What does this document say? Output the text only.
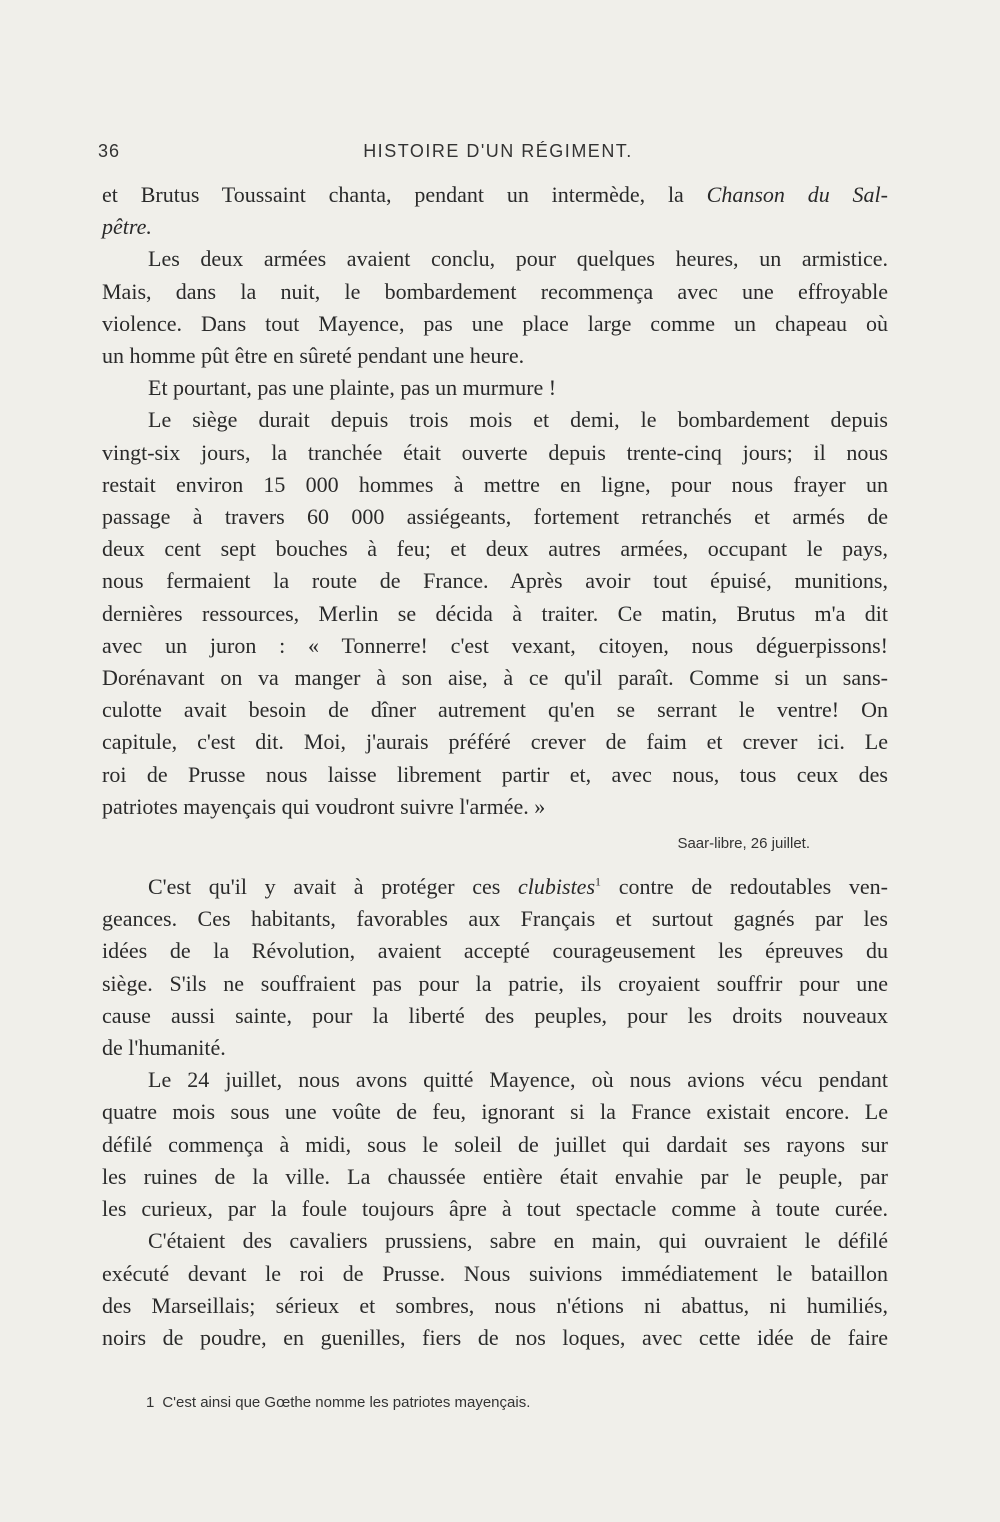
36	HISTOIRE D'UN RÉGIMENT.
et Brutus Toussaint chanta, pendant un intermède, la Chanson du Sal-
pêtre.
Les deux armées avaient conclu, pour quelques heures, un armistice.
Mais, dans la nuit, le bombardement recommença avec une effroyable
violence. Dans tout Mayence, pas une place large comme un chapeau où
un homme pût être en sûreté pendant une heure.
Et pourtant, pas une plainte, pas un murmure !
Le siège durait depuis trois mois et demi, le bombardement depuis
vingt-six jours, la tranchée était ouverte depuis trente-cinq jours; il nous
restait environ 15 000 hommes à mettre en ligne, pour nous frayer un
passage à travers 60 000 assiégeants, fortement retranchés et armés de
deux cent sept bouches à feu; et deux autres armées, occupant le pays,
nous fermaient la route de France. Après avoir tout épuisé, munitions,
dernières ressources, Merlin se décida à traiter. Ce matin, Brutus m'a dit
avec un juron : « Tonnerre! c'est vexant, citoyen, nous déguerpissons!
Dorénavant on va manger à son aise, à ce qu'il paraît. Comme si un sans-
culotte avait besoin de dîner autrement qu'en se serrant le ventre! On
capitule, c'est dit. Moi, j'aurais préféré crever de faim et crever ici. Le
roi de Prusse nous laisse librement partir et, avec nous, tous ceux des
patriotes mayençais qui voudront suivre l'armée. »
Saar-libre, 26 juillet.
C'est qu'il y avait à protéger ces clubistes$^1$ contre de redoutables ven-
geances. Ces habitants, favorables aux Français et surtout gagnés par les
idées de la Révolution, avaient accepté courageusement les épreuves du
siège. S'ils ne souffraient pas pour la patrie, ils croyaient souffrir pour une
cause aussi sainte, pour la liberté des peuples, pour les droits nouveaux
de l'humanité.
Le 24 juillet, nous avons quitté Mayence, où nous avions vécu pendant
quatre mois sous une voûte de feu, ignorant si la France existait encore. Le
défilé commença à midi, sous le soleil de juillet qui dardait ses rayons sur
les ruines de la ville. La chaussée entière était envahie par le peuple, par
les curieux, par la foule toujours âpre à tout spectacle comme à toute curée.
C'étaient des cavaliers prussiens, sabre en main, qui ouvraient le défilé
exécuté devant le roi de Prusse. Nous suivions immédiatement le bataillon
des Marseillais; sérieux et sombres, nous n'étions ni abattus, ni humiliés,
noirs de poudre, en guenilles, fiers de nos loques, avec cette idée de faire
1 C'est ainsi que Gœthe nomme les patriotes mayençais.
